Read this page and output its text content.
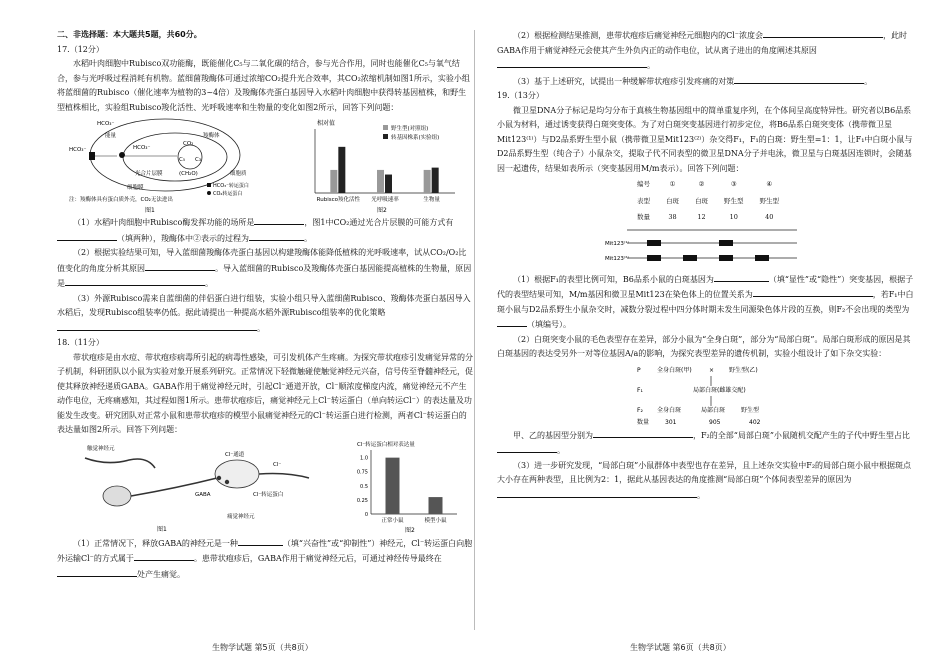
二、非选择题：本大题共5题，共60分。

17.（12分）

水稻叶肉细胞中Rubisco双功能酶，既能催化C₅与二氧化碳的结合，参与光合作用，同时也能催化C₅与氧气结合，参与光呼吸过程消耗有机物。蓝细菌羧酶体可通过浓缩CO₂提升光合效率，其CO₂浓缩机制如图1所示，实验小组将蓝细菌的Rubisco（催化速率为植物的3~4倍）及羧酶体壳蛋白基因导入水稻叶肉细胞中获得转基因植株，和野生型植株相比，实验组Rubisco羧化活性、光呼吸速率和生物量的变化如图2所示，回答下列问题：

HCO₃⁻
能量
HCO₃⁻	HCO₃⁻
CO₂
C₅ C₃
(CH₂O)
羧酶体
光合片层膜
细胞膜
细胞质
HCO₃⁻转运蛋白
CO₂转运蛋白
注：羧酶体具有蛋白质外壳，CO₂无法进出
图1
相对值
野生型(对照组)
转基因株系(实验组)
图2
Rubisco羧化活性 光呼吸速率	生物量

（1）水稻叶肉细胞中Rubisco酶发挥功能的场所是	，图1中CO₂通过光合片层膜的可能方式有（填两种），羧酶体中②表示的过程为	。

（2）根据实验结果可知，导入蓝细菌羧酶体壳蛋白基因以构建羧酶体能降低植株的光呼吸速率，试从CO₂/O₂比值变化的角度分析其原因	。导入蓝细菌的Rubisco及羧酶体壳蛋白基因能提高植株的生物量，原因是	。

（3）外源Rubisco需来自蓝细菌的伴侣蛋白进行组装，实验小组只导入蓝细菌Rubisco、羧酶体壳蛋白基因导入水稻后，发现Rubisco组装率仍低。据此请提出一种提高水稻外源Rubisco组装率的优化策略。

18.（11分）

带状疱疹是由水痘、带状疱疹病毒所引起的病毒性感染，可引发机体产生疼痛。为探究带状疱疹引发痛觉异常的分子机制，科研团队以小鼠为实验对象开展系列研究。正常情况下轻微触碰使触觉神经元兴奋，信号传至脊髓神经元，促使其释放神经递质GABA。GABA作用于痛觉神经元时，引起Cl⁻通道开放，Cl⁻顺浓度梯度内流，痛觉神经元不产生动作电位，无疼痛感知，其过程如图1所示。患带状疱疹后，痛觉神经元上Cl⁻转运蛋白（单向转运Cl⁻）的表达量及功能发生改变。研究团队对正常小鼠和患带状疱疹的模型小鼠痛觉神经元的Cl⁻转运蛋白进行检测，两者Cl⁻转运蛋白的表达量如图2所示。回答下列问题：

触觉神经元
Cl⁻通道
Cl⁻
GABA	Cl⁻转运蛋白
痛觉神经元
图1
Cl⁻转运蛋白相对表达量
图2
0
0.25
0.5
0.75
1.0
正常小鼠	模型小鼠

（1）正常情况下，释放GABA的神经元是一种	（填“兴奋性”或“抑制性”）神经元，Cl⁻转运蛋白向胞外运输Cl⁻的方式属于	。患带状疱疹后，GABA作用于痛觉神经元后，可通过神经传导最终在处产生痛觉。

（2）根据检测结果推测，患带状疱疹后痛觉神经元细胞内的Cl⁻浓度会	，此时GABA作用于痛觉神经元会使其产生外负内正的动作电位，试从离子进出的角度阐述其原因。

（3）基于上述研究，试提出一种缓解带状疱疹引发疼痛的对策	。

19.（13分）

微卫星DNA分子标记是均匀分布于真核生物基因组中的简单重复序列，在个体间呈高度特异性。研究者以B6品系小鼠为材料，通过诱变获得白斑突变体。为了对白斑突变基因进行初步定位，将B6品系白斑突变体（携带微卫星Mit123⁽¹⁾）与D2品系野生型小鼠（携带微卫星Mit123⁽²⁾）杂交得F₁，F₁的白斑：野生型=1：1，让F₁中白斑小鼠与D2品系野生型（纯合子）小鼠杂交，提取子代不同表型的微卫星DNA分子并电泳，微卫星与白斑基因连锁时，会随基因一起遗传，结果如表所示（突变基因用M/m表示）。回答下列问题：

编号	①	②	③	④
表型	白斑	白斑	野生型	野生型
数量	38	12	10	40
Mit123⁽¹⁾
Mit123⁽²⁾

（1）根据F₁的表型比例可知，B6品系小鼠的白斑基因为	（填“显性”或“隐性”）突变基因，根据子代的表型结果可知，M/m基因和微卫星Mit123在染色体上的位置关系为	，若F₁中白斑小鼠与D2品系野生小鼠杂交时，减数分裂过程中四分体时期未发生同源染色体片段的互换，则F₂不会出现的类型为（填编号）。

（2）白斑突变小鼠的毛色表型存在差异，部分小鼠为“全身白斑”，部分为“局部白斑”。局部白斑形成的原因是其白斑基因的表达受另外一对等位基因A/a的影响，为探究表型差异的遗传机制，实验小组设计了如下杂交实验：

P	全身白斑(甲)	× 野生型(乙)
F₁	局部白斑(雌雄交配)
F₂ 全身白斑	局部白斑	野生型
数量	301	905	402

甲、乙的基因型分别为	，F₂的全部“局部白斑”小鼠随机交配产生的子代中野生型占比。

（3）进一步研究发现，“局部白斑”小鼠群体中表型也存在差异，且上述杂交实验中F₂的局部白斑小鼠中根据斑点大小存在两种表型，且比例为2：1，据此从基因表达的角度推测“局部白斑”个体间表型差异的原因为。

生物学试题 第5页（共8页）	生物学试题 第6页（共8页）
